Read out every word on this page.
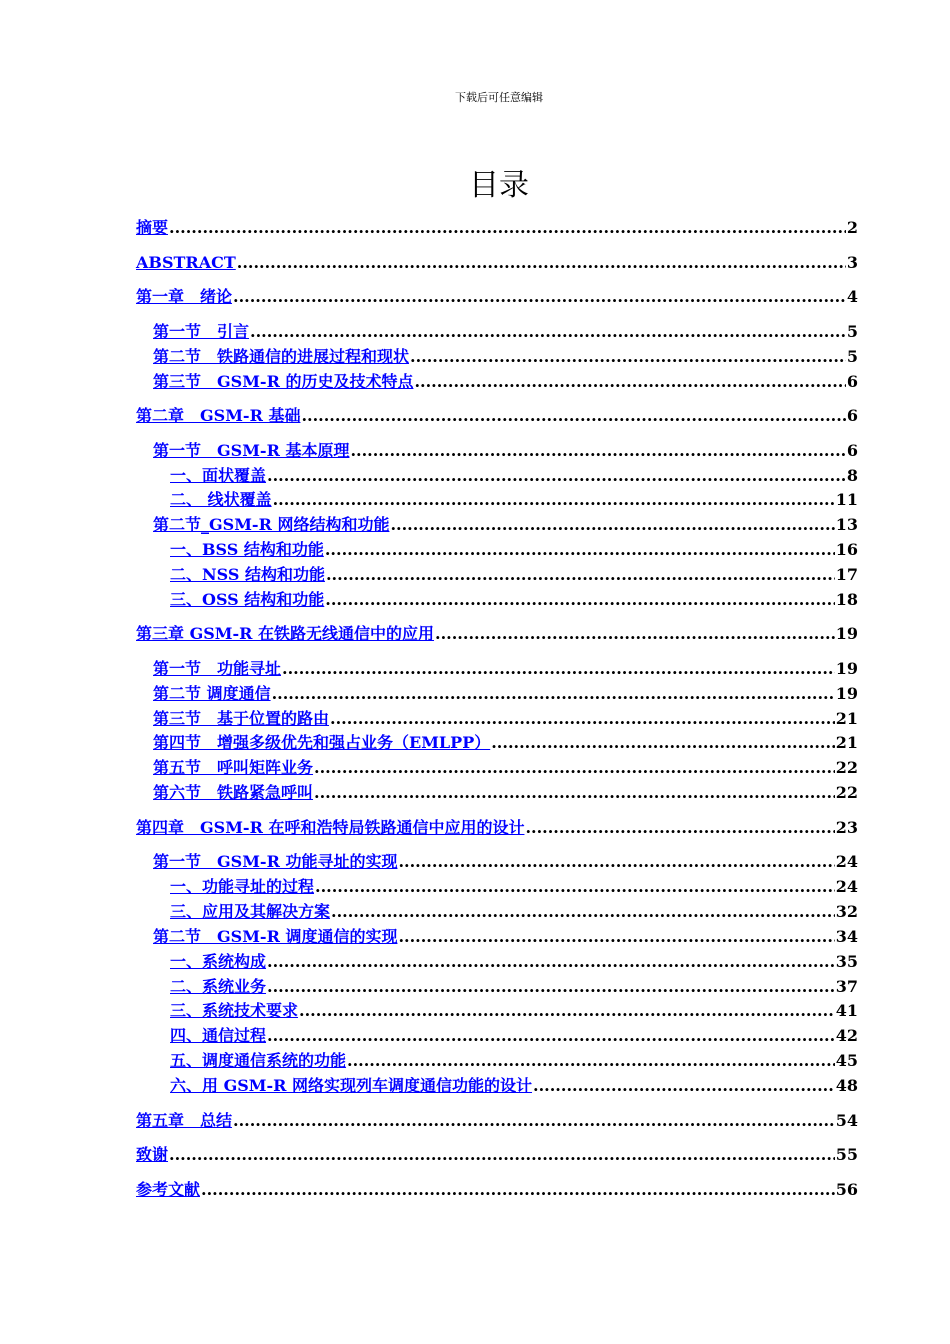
下载后可任意编辑
目录
摘要 .....	2
ABSTRACT .....	3
第一章　绪论 .....	4
第一节　引言 .....	5
第二节　铁路通信的进展过程和现状 .....	5
第三节　GSM-R 的历史及技术特点 .....	6
第二章　GSM-R 基础 .....	6
第一节　GSM-R 基本原理 .....	6
一、面状覆盖 .....	8
二、 线状覆盖 .....	11
第二节_GSM-R 网络结构和功能 .....	13
一、BSS 结构和功能 .....	16
二、NSS 结构和功能 .....	17
三、OSS 结构和功能 .....	18
第三章 GSM-R 在铁路无线通信中的应用 .....	19
第一节　功能寻址 .....	19
第二节 调度通信 .....	19
第三节　基于位置的路由 .....	21
第四节　增强多级优先和强占业务（EMLPP） .....	21
第五节　呼叫矩阵业务 .....	22
第六节　铁路紧急呼叫 .....	22
第四章　GSM-R 在呼和浩特局铁路通信中应用的设计 .....	23
第一节　GSM-R 功能寻址的实现 .....	24
一、功能寻址的过程 .....	24
三、应用及其解决方案 .....	32
第二节　GSM-R 调度通信的实现 .....	34
一、系统构成 .....	35
二、系统业务 .....	37
三、系统技术要求 .....	41
四、通信过程 .....	42
五、调度通信系统的功能 .....	45
六、用 GSM-R 网络实现列车调度通信功能的设计 .....	48
第五章　总结 .....	54
致谢 .....	55
参考文献 .....	56
